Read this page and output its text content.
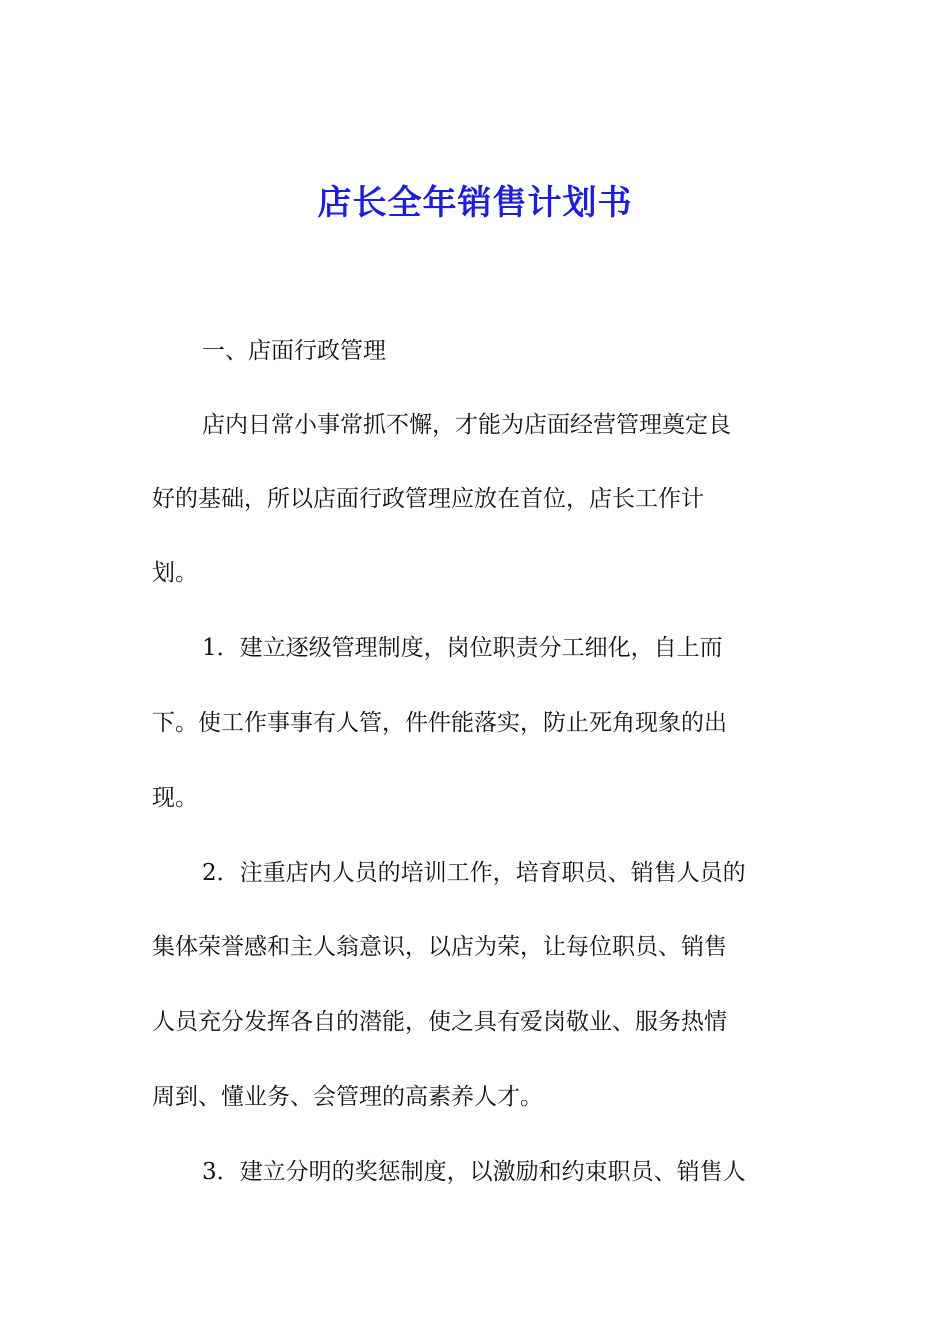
店长全年销售计划书
一、店面行政管理
店内日常小事常抓不懈，才能为店面经营管理奠定良
好的基础，所以店面行政管理应放在首位，店长工作计
划。
1．建立逐级管理制度，岗位职责分工细化，自上而
下。使工作事事有人管，件件能落实，防止死角现象的出
现。
2．注重店内人员的培训工作，培育职员、销售人员的
集体荣誉感和主人翁意识，以店为荣，让每位职员、销售
人员充分发挥各自的潜能，使之具有爱岗敬业、服务热情
周到、懂业务、会管理的高素养人才。
3．建立分明的奖惩制度，以激励和约束职员、销售人
